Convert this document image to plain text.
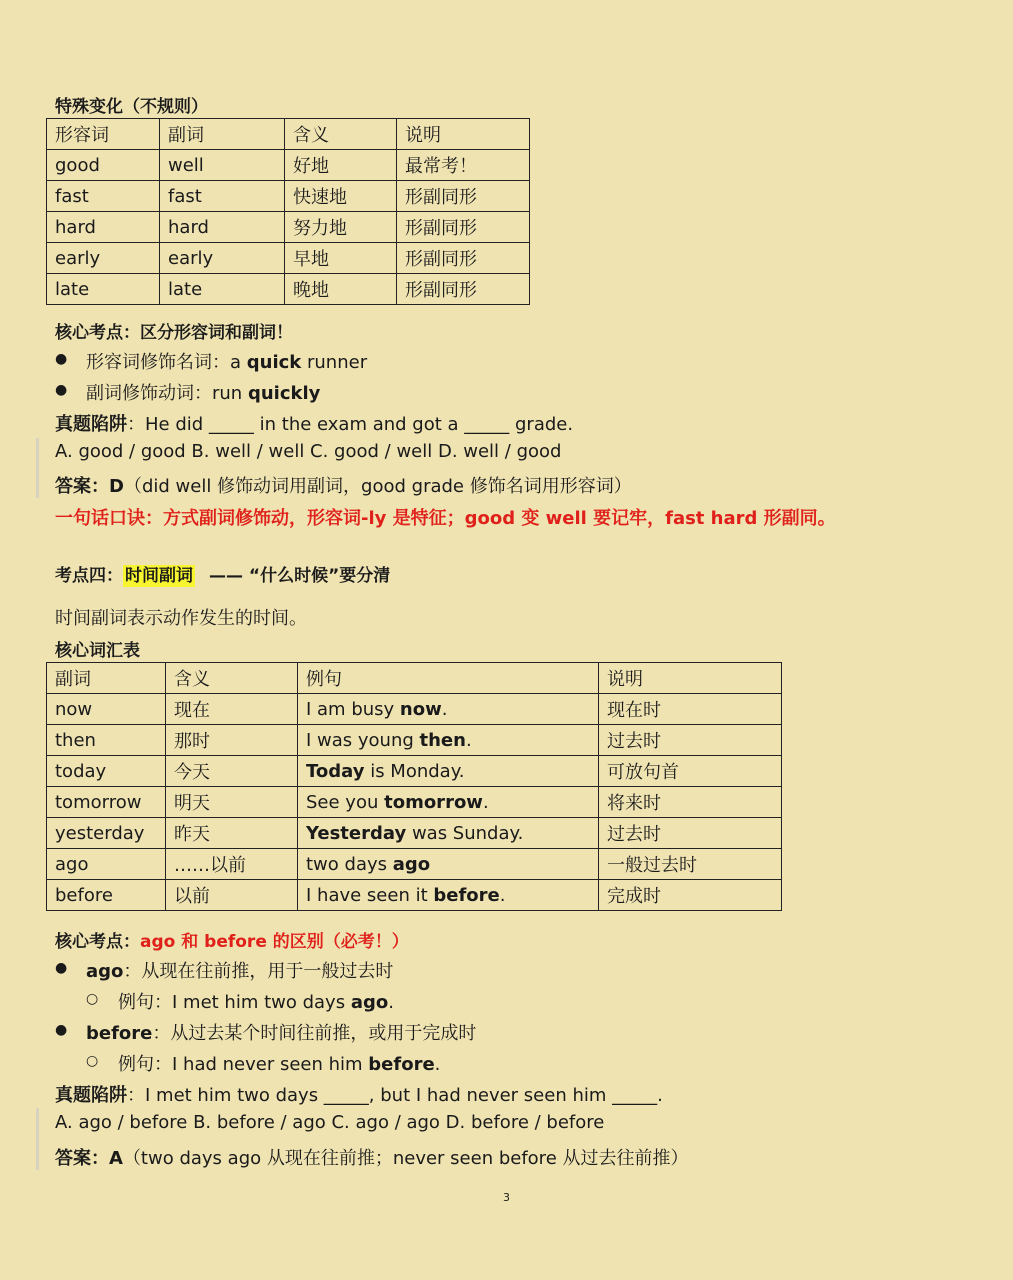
特殊变化（不规则）
形容词	副词	含义	说明
good	well	好地	最常考！
fast	fast	快速地	形副同形
hard	hard	努力地	形副同形
early	early	早地	形副同形
late	late	晚地	形副同形
核心考点：区分形容词和副词！
● 形容词修饰名词：a quick runner
● 副词修饰动词：run quickly
真题陷阱：He did _____ in the exam and got a _____ grade.
A. good / good B. well / well C. good / well D. well / good
答案：D（did well 修饰动词用副词，good grade 修饰名词用形容词）
一句话口诀：方式副词修饰动，形容词-ly 是特征；good 变 well 要记牢，fast hard 形副同。
考点四： 时间副词 —— “什么时候”要分清
时间副词表示动作发生的时间。
核心词汇表
副词	含义	例句	说明
now	现在	I am busy now.	现在时
then	那时	I was young then.	过去时
today	今天	Today is Monday.	可放句首
tomorrow	明天	See you tomorrow.	将来时
yesterday	昨天	Yesterday was Sunday.	过去时
ago	……以前	two days ago	一般过去时
before	以前	I have seen it before.	完成时
核心考点：ago 和 before 的区别（必考！）
● ago：从现在往前推，用于一般过去时
○ 例句：I met him two days ago.
● before：从过去某个时间往前推，或用于完成时
○ 例句：I had never seen him before.
真题陷阱：I met him two days _____, but I had never seen him _____.
A. ago / before B. before / ago C. ago / ago D. before / before
答案：A（two days ago 从现在往前推；never seen before 从过去往前推）
3
